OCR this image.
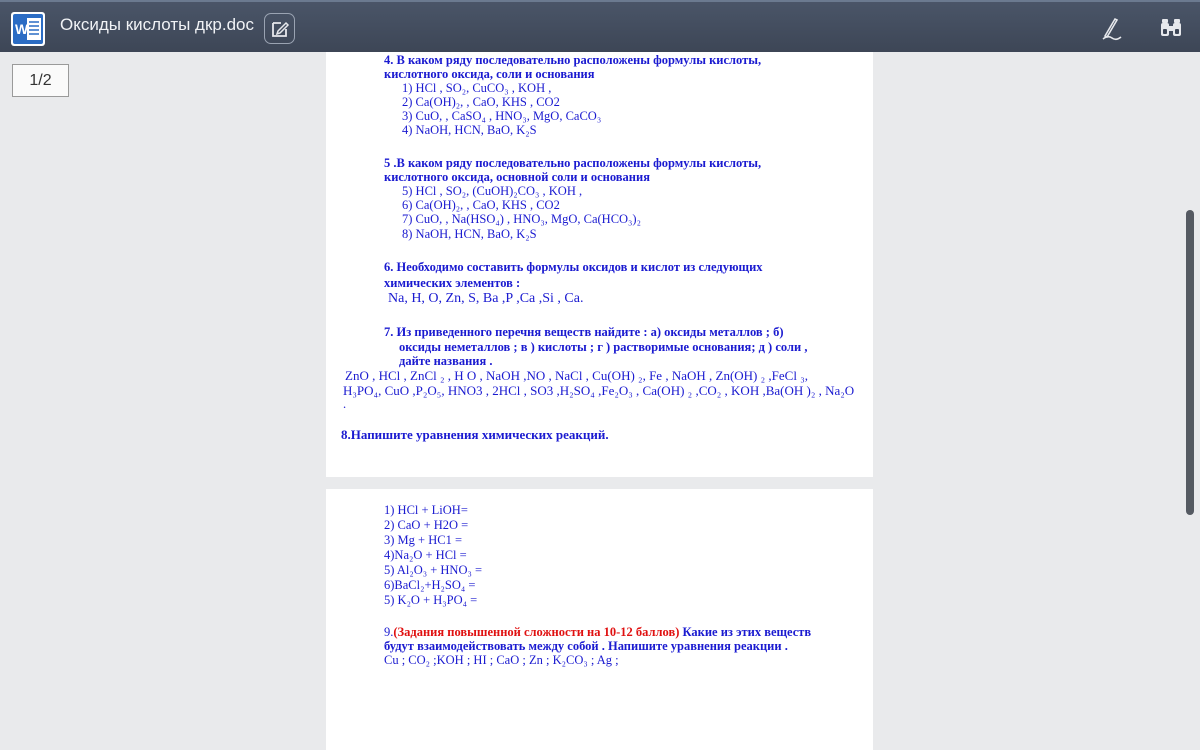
W Оксиды кислоты дкр.doc
1/2
4. В каком ряду последовательно расположены формулы кислоты,
кислотного оксида, соли и основания
1) HCl , SO₂, CuCO₃ , KOH ,
2) Ca(OH)₂, , CaO, KHS , CO2
3) CuO, , CaSO₄ , HNO₃, MgO, CaCO₃
4) NaOH, HCN, BaO, K₂S
5 .В каком ряду последовательно расположены формулы кислоты,
кислотного оксида, основной соли и основания
5) HCl , SO₂, (CuOH)₂CO₃ , KOH ,
6) Ca(OH)₂, , CaO, KHS , CO2
7) CuO, , Na(HSO₄) , HNO₃, MgO, Ca(HCO₃)₂
8) NaOH, HCN, BaO, K₂S
6. Необходимо составить формулы оксидов и кислот из следующих
химических элементов :
Na, H, O, Zn, S, Ba ,P ,Ca ,Si , Ca.
7. Из приведенного перечня веществ найдите : а) оксиды металлов ; б)
оксиды неметаллов ; в ) кислоты ; г ) растворимые основания; д ) соли ,
дайте названия .
ZnO , HCl , ZnCl ₂ , H O , NaOH ,NO , NaCl , Cu(OH) ₂, Fe , NaOH , Zn(OH) ₂ ,FeCl ₃,
H₃PO₄, CuO ,P₂O₅, HNO3 , 2HCl , SO3 ,H₂SO₄ ,Fe₂O₃ , Ca(OH) ₂ ,CO₂ , KOH ,Ba(OH )₂ , Na₂O
.
8.Напишите уравнения химических реакций.
1) HCl + LiOH=
2) CaO + H2O =
3) Mg + HC1 =
4)Na₂O + HCl =
5) Al₂O₃ + HNO₃ =
6)BaCl₂+H₂SO₄ =
5) K₂O + H₃PO₄ =
9.(Задания повышенной сложности на 10-12 баллов) Какие из этих веществ
будут взаимодействовать между собой . Напишите уравнения реакции .
Cu ; CO₂ ;KOH ; HI ; CaO ; Zn ; K₂CO₃ ; Ag ;
